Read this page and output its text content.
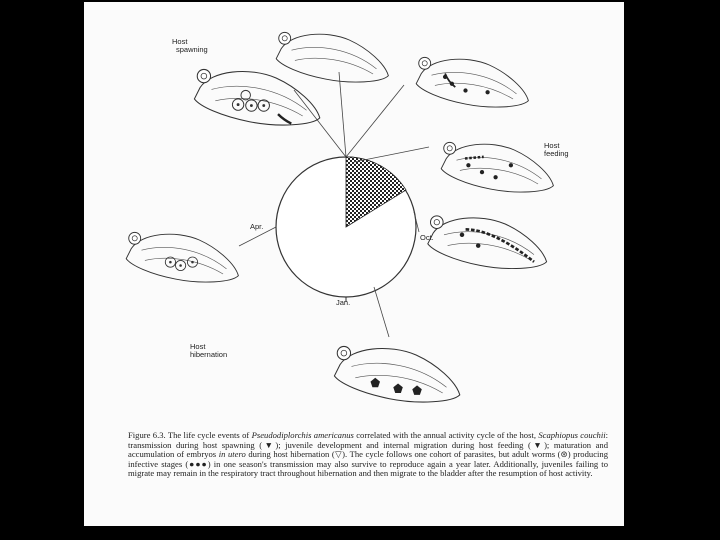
Host
spawning
Host
feeding
Host
hibernation
Apr.
Oct.
Jan.
Figure 6.3. The life cycle events of Pseudodiplorchis americanus correlated with the annual activity cycle of the host, Scaphiopus couchii: transmission during host spawning (▼); juvenile development and internal migration during host feeding (▼); maturation and accumulation of embryos in utero during host hibernation (▽). The cycle follows one cohort of parasites, but adult worms (⊛) producing infective stages (●●●) in one season's transmission may also survive to reproduce again a year later. Additionally, juveniles failing to migrate may remain in the respiratory tract throughout hibernation and then migrate to the bladder after the resumption of host activity.
